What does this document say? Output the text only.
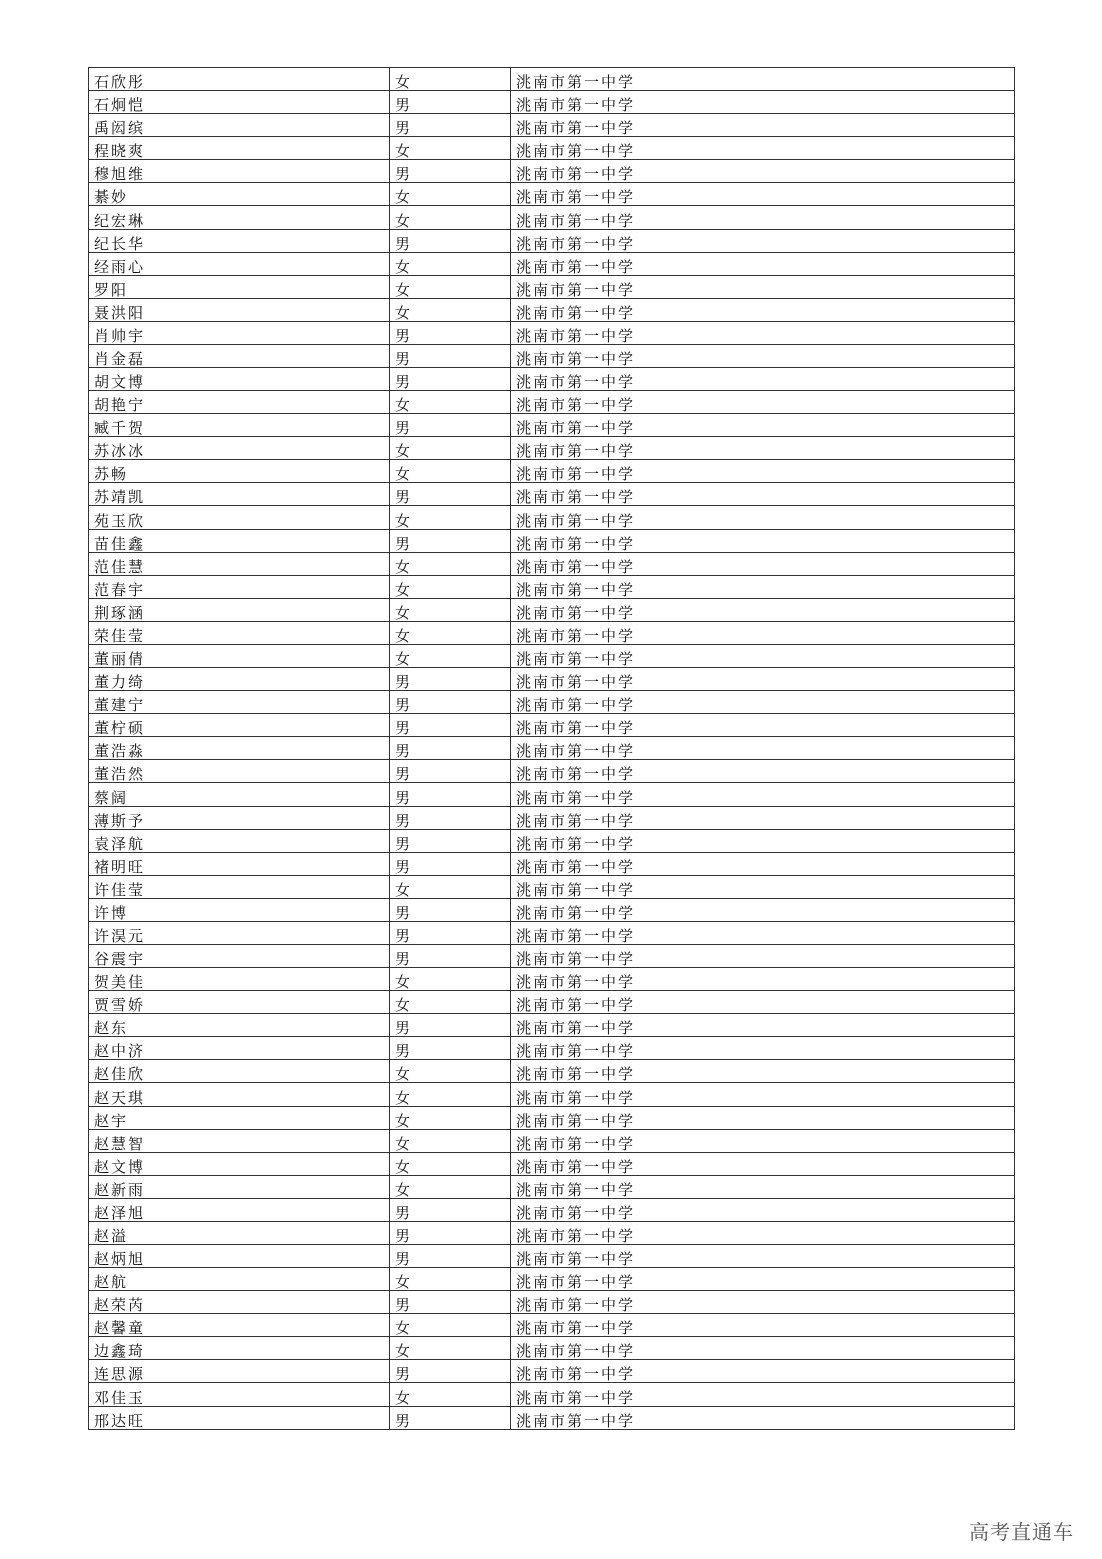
石欣彤	女	洮南市第一中学
石炯恺	男	洮南市第一中学
禹闳缤	男	洮南市第一中学
程晓爽	女	洮南市第一中学
穆旭维	男	洮南市第一中学
綦妙	女	洮南市第一中学
纪宏琳	女	洮南市第一中学
纪长华	男	洮南市第一中学
经雨心	女	洮南市第一中学
罗阳	女	洮南市第一中学
聂洪阳	女	洮南市第一中学
肖帅宇	男	洮南市第一中学
肖金磊	男	洮南市第一中学
胡文博	男	洮南市第一中学
胡艳宁	女	洮南市第一中学
臧千贺	男	洮南市第一中学
苏冰冰	女	洮南市第一中学
苏畅	女	洮南市第一中学
苏靖凯	男	洮南市第一中学
苑玉欣	女	洮南市第一中学
苗佳鑫	男	洮南市第一中学
范佳慧	女	洮南市第一中学
范春宇	女	洮南市第一中学
荆琢涵	女	洮南市第一中学
荣佳莹	女	洮南市第一中学
董丽倩	女	洮南市第一中学
董力绮	男	洮南市第一中学
董建宁	男	洮南市第一中学
董柠硕	男	洮南市第一中学
董浩淼	男	洮南市第一中学
董浩然	男	洮南市第一中学
蔡阔	男	洮南市第一中学
薄斯予	男	洮南市第一中学
袁泽航	男	洮南市第一中学
褚明旺	男	洮南市第一中学
许佳莹	女	洮南市第一中学
许博	男	洮南市第一中学
许淏元	男	洮南市第一中学
谷震宇	男	洮南市第一中学
贺美佳	女	洮南市第一中学
贾雪娇	女	洮南市第一中学
赵东	男	洮南市第一中学
赵中济	男	洮南市第一中学
赵佳欣	女	洮南市第一中学
赵天琪	女	洮南市第一中学
赵宇	女	洮南市第一中学
赵慧智	女	洮南市第一中学
赵文博	女	洮南市第一中学
赵新雨	女	洮南市第一中学
赵泽旭	男	洮南市第一中学
赵溢	男	洮南市第一中学
赵炳旭	男	洮南市第一中学
赵航	女	洮南市第一中学
赵荣芮	男	洮南市第一中学
赵馨童	女	洮南市第一中学
边鑫琦	女	洮南市第一中学
连思源	男	洮南市第一中学
邓佳玉	女	洮南市第一中学
邢达旺	男	洮南市第一中学
高考直通车
